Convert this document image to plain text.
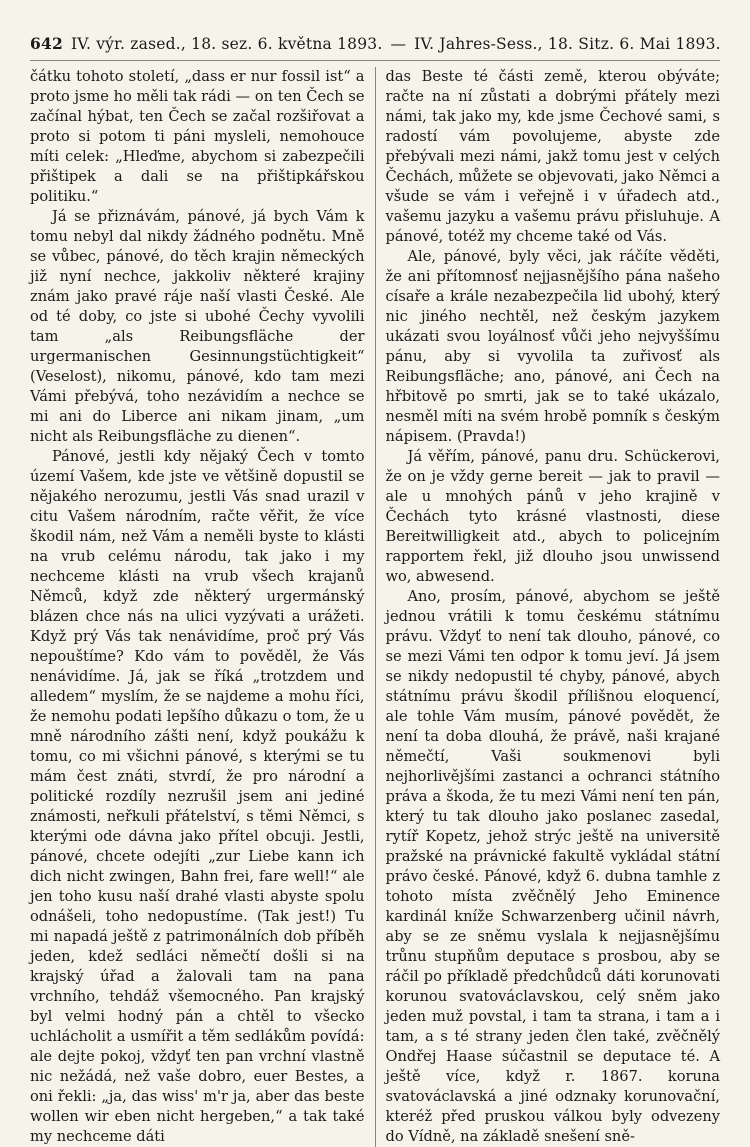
642 IV. výr. zased., 18. sez. 6. května 1893. — IV. Jahres-Sess., 18. Sitz. 6. Mai 1893.

čátku tohoto století, „dass er nur fossil ist“ a proto jsme ho měli tak rádi — on ten Čech se začínal hýbat, ten Čech se začal rozšiřovat a proto si potom ti páni mysleli, nemohouce míti celek: „Hleďme, abychom si zabezpečili přištipek a dali se na přištipkářskou politiku.“

Já se přiznávám, pánové, já bych Vám k tomu nebyl dal nikdy žádného podnětu. Mně se vůbec, pánové, do těch krajin německých již nyní nechce, jakkoliv některé krajiny znám jako pravé ráje naší vlasti České. Ale od té doby, co jste si ubohé Čechy vyvolili tam „als Reibungsfläche der urgermanischen Gesinnungstüchtigkeit“ (Veselost), nikomu, pánové, kdo tam mezi Vámi přebývá, toho nezávidím a nechce se mi ani do Liberce ani nikam jinam, „um nicht als Reibungsfläche zu dienen“.

Pánové, jestli kdy nějaký Čech v tomto území Vašem, kde jste ve většině dopustil se nějakého nerozumu, jestli Vás snad urazil v citu Vašem národním, račte věřit, že více škodil nám, než Vám a neměli byste to klásti na vrub celému národu, tak jako i my nechceme klásti na vrub všech krajanů Němců, když zde některý urgermánský blázen chce nás na ulici vyzývati a urážeti. Když prý Vás tak nenávidíme, proč prý Vás nepouštíme? Kdo vám to pověděl, že Vás nenávidíme. Já, jak se říká „trotzdem und alledem“ myslím, že se najdeme a mohu říci, že nemohu podati lepšího důkazu o tom, že u mně národního zášti není, když poukážu k tomu, co mi všichni pánové, s kterými se tu mám čest znáti, stvrdí, že pro národní a politické rozdíly nezrušil jsem ani jediné známosti, neřkuli přátelství, s těmi Němci, s kterými ode dávna jako přítel obcuji. Jestli, pánové, chcete odejíti „zur Liebe kann ich dich nicht zwingen, Bahn frei, fare well!“ ale jen toho kusu naší drahé vlasti abyste spolu odnášeli, toho nedopustíme. (Tak jest!) Tu mi napadá ještě z patrimonálních dob příběh jeden, kdež sedláci němečtí došli si na krajský úřad a žalovali tam na pana vrchního, tehdáž všemocného. Pan krajský byl velmi hodný pán a chtěl to všecko uchlácholit a usmířit a těm sedlákům povídá: ale dejte pokoj, vždyť ten pan vrchní vlastně nic nežádá, než vaše dobro, euer Bestes, a oni řekli: „ja, das wiss' m'r ja, aber das beste wollen wir eben nicht hergeben,“ a tak také my nechceme dáti

das Beste té části země, kterou obýváte; račte na ní zůstati a dobrými přátely mezi námi, tak jako my, kde jsme Čechové sami, s radostí vám povolujeme, abyste zde přebývali mezi námi, jakž tomu jest v celých Čechách, můžete se objevovati, jako Němci a všude se vám i veřejně i v úřadech atd., vašemu jazyku a vašemu právu přisluhuje. A pánové, totéž my chceme také od Vás.

Ale, pánové, byly věci, jak ráčíte věděti, že ani přítomnosť nejjasnějšího pána našeho císaře a krále nezabezpečila lid ubohý, který nic jiného nechtěl, než českým jazykem ukázati svou loyálnosť vůči jeho nejvyššímu pánu, aby si vyvolila ta zuřivosť als Reibungsfläche; ano, pánové, ani Čech na hřbitově po smrti, jak se to také ukázalo, nesměl míti na svém hrobě pomník s českým nápisem. (Pravda!)

Já věřím, pánové, panu dru. Schückerovi, že on je vždy gerne bereit — jak to pravil — ale u mnohých pánů v jeho krajině v Čechách tyto krásné vlastnosti, diese Bereitwilligkeit atd., abych to policejním rapportem řekl, již dlouho jsou unwissend wo, abwesend.

Ano, prosím, pánové, abychom se ještě jednou vrátili k tomu českému státnímu právu. Vždyť to není tak dlouho, pánové, co se mezi Vámi ten odpor k tomu jeví. Já jsem se nikdy nedopustil té chyby, pánové, abych státnímu právu škodil přílišnou eloquencí, ale tohle Vám musím, pánové povědět, že není ta doba dlouhá, že právě, naši krajané němečtí, Vaši soukmenovi byli nejhorlivějšími zastanci a ochranci státního práva a škoda, že tu mezi Vámi není ten pán, který tu tak dlouho jako poslanec zasedal, rytíř Kopetz, jehož strýc ještě na universitě pražské na právnické fakultě vykládal státní právo české. Pánové, když 6. dubna tamhle z tohoto místa zvěčnělý Jeho Eminence kardinál kníže Schwarzenberg učinil návrh, aby se ze sněmu vyslala k nejjasnějšímu trůnu stupňům deputace s prosbou, aby se ráčil po příkladě předchůdců dáti korunovati korunou svatováclavskou, celý sněm jako jeden muž povstal, i tam ta strana, i tam a i tam, a s té strany jeden člen také, zvěčnělý Ondřej Haase súčastnil se deputace té. A ještě více, když r. 1867. koruna svatováclavská a jiné odznaky korunovační, kteréž před pruskou válkou byly odvezeny do Vídně, na základě snešení sně-
